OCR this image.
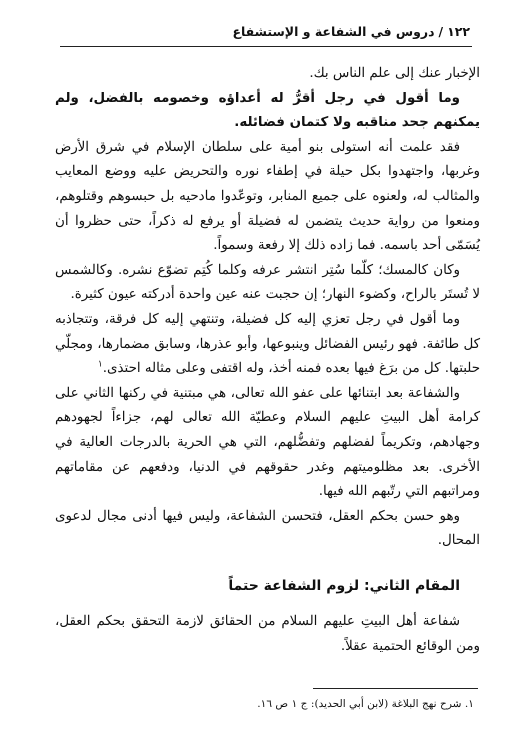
١٢٢/دروس في الشفاعة و الإستشفاع

الإخبار عنك إلى علم الناس بك.

وما أقول في رجل أقرُّ له أعداؤه وخصومه بالفضل، ولم يمكنهم جحد مناقبه ولا كتمان فضائله.

فقد علمت أنه استولى بنو أمية على سلطان الإسلام في شرق الأرض وغربها، واجتهدوا بكل حيلة في إطفاء نوره والتحريض عليه ووضع المعايب والمثالب له، ولعنوه على جميع المنابر، وتوعّدوا مادحيه بل حبسوهم وقتلوهم، ومنعوا من رواية حديث يتضمن له فضيلة أو يرفع له ذكراً، حتى حظروا أن يُسَمّى أحد باسمه. فما زاده ذلك إلا رفعة وسمواً.

وكان كالمسك؛ كلّما سُتِر انتشر عرفه وكلما كُتِم تضوّع نشره. وكالشمس لا تُستَر بالراح، وكضوء النهار؛ إن حجبت عنه عين واحدة أدركته عيون كثيرة.

وما أقول في رجل تعزي إليه كل فضيلة، وتنتهي إليه كل فرقة، وتتجاذبه كل طائفة. فهو رئيس الفضائل وينبوعها، وأبو عذرها، وسابق مضمارها، ومجلّي حلبتها. كل من برَغ فيها بعده فمنه أخذ، وله اقتفى وعلى مثاله احتذى.$^١$

والشفاعة بعد ابتنائها على عفو الله تعالى، هي مبتنية في ركنها الثاني على كرامة أهل البيتِ عليهم السلام وعطيّة الله تعالى لهم، جزاءاً لجهودهم وجهادهم، وتكريماً لفضلهم وتفضُّلهم، التي هي الحرية بالدرجات العالية في الأخرى. بعد مظلوميتهم وغدر حقوقهم في الدنيا، ودفعهم عن مقاماتهم ومراتبهم التي رتّبهم الله فيها.

وهو حسن بحكم العقل، فتحسن الشفاعة، وليس فيها أدنى مجال لدعوى المحال.

المقام الثاني: لزوم الشفاعة حتماً

شفاعة أهل البيتِ عليهم السلام من الحقائق لازمة التحقق بحكم العقل، ومن الوقائع الحتمية عقلاً.

١. شرح نهج البلاغة (لابن أبي الحديد): ج ١ ص ١٦.
